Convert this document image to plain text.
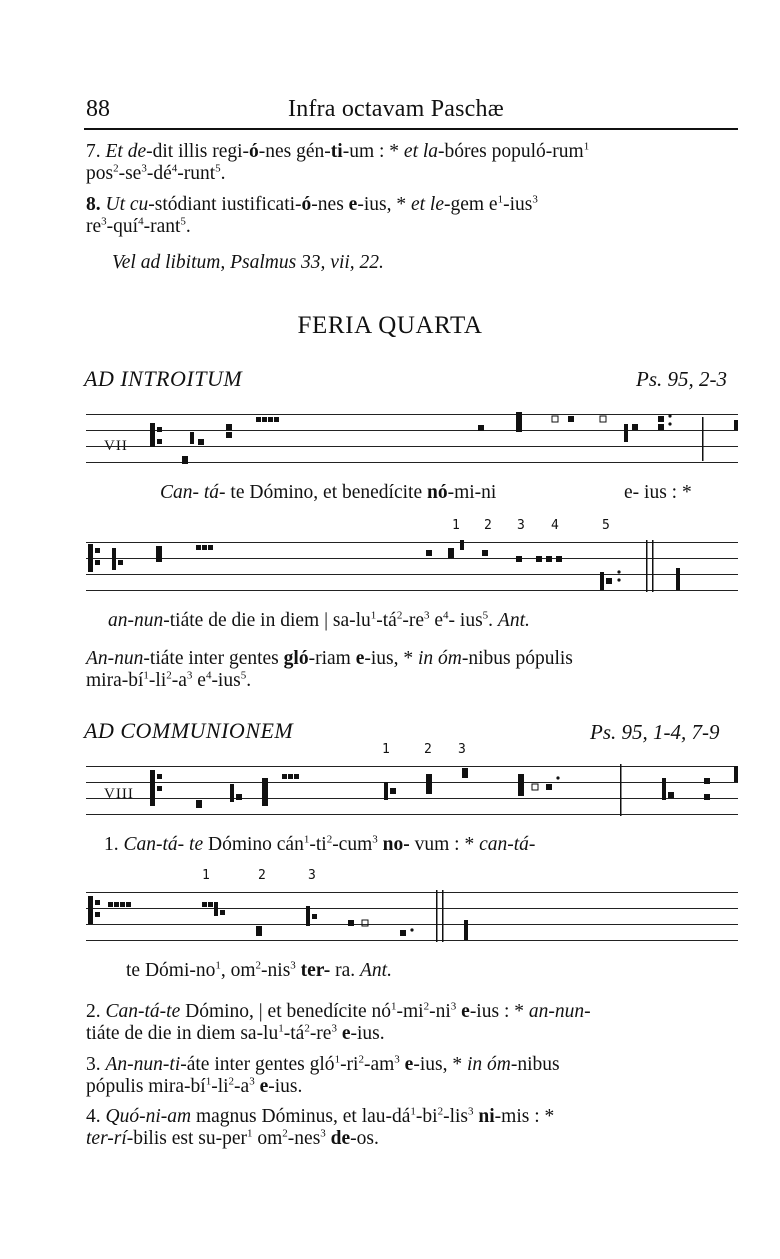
88	Infra octavam Paschæ
7. Et de-dit illis regi-ó-nes gén-ti-um : * et la-bóres populó-rum$^1$
$pos^2-se^3-dé^4-runt^5$.
8. Ut cu-stódiant iustificati-ó-nes e-ius, * et le-gem $e^1-ius^3$
$re^3-quí^4-rant^5$.
Vel ad libitum, Psalmus 33, vii, 22.
FERIA QUARTA
AD INTROITUM	Ps. 95, 2-3
VII
Can- tá- te Dómino, et benedícite nó-mi-ni	e- ius : *
1 2 3 4	5
an-nun-tiáte de die in diem | $sa-lu^1-tá^2-re^3$ $e^4-$ ius$^5$. Ant.
An-nun-tiáte inter gentes gló-riam e-ius, * in óm-nibus pópulis
mira-$bí^1-li^2-a^3$ $e^4-ius^5$.
AD COMMUNIONEM	Ps. 95, 1-4, 7-9
1	2 3
VIII
1. Can-tá- te Dómino $cán^1-ti^2-cum^3$ no- vum : * can-tá-
1	2	3
te Dómi-$no^1$, $om^2-nis^3$ ter- ra. Ant.
2. Can-tá-te Dómino, | et benedícite $nó^1-mi^2-ni^3$ e-ius : * an-nun-
tiáte de die in diem $sa-lu^1-tá^2-re^3$ e-ius.
3. An-nun-ti-áte inter gentes $gló^1-ri^2-am^3$ e-ius, * in óm-nibus
pópulis mira-$bí^1-li^2-a^3$ e-ius.
4. Quó-ni-am magnus Dóminus, et lau-$dá^1-bi^2-lis^3$ ni-mis : *
ter-rí-bilis est su-per$^1$ $om^2-nes^3$ de-os.
